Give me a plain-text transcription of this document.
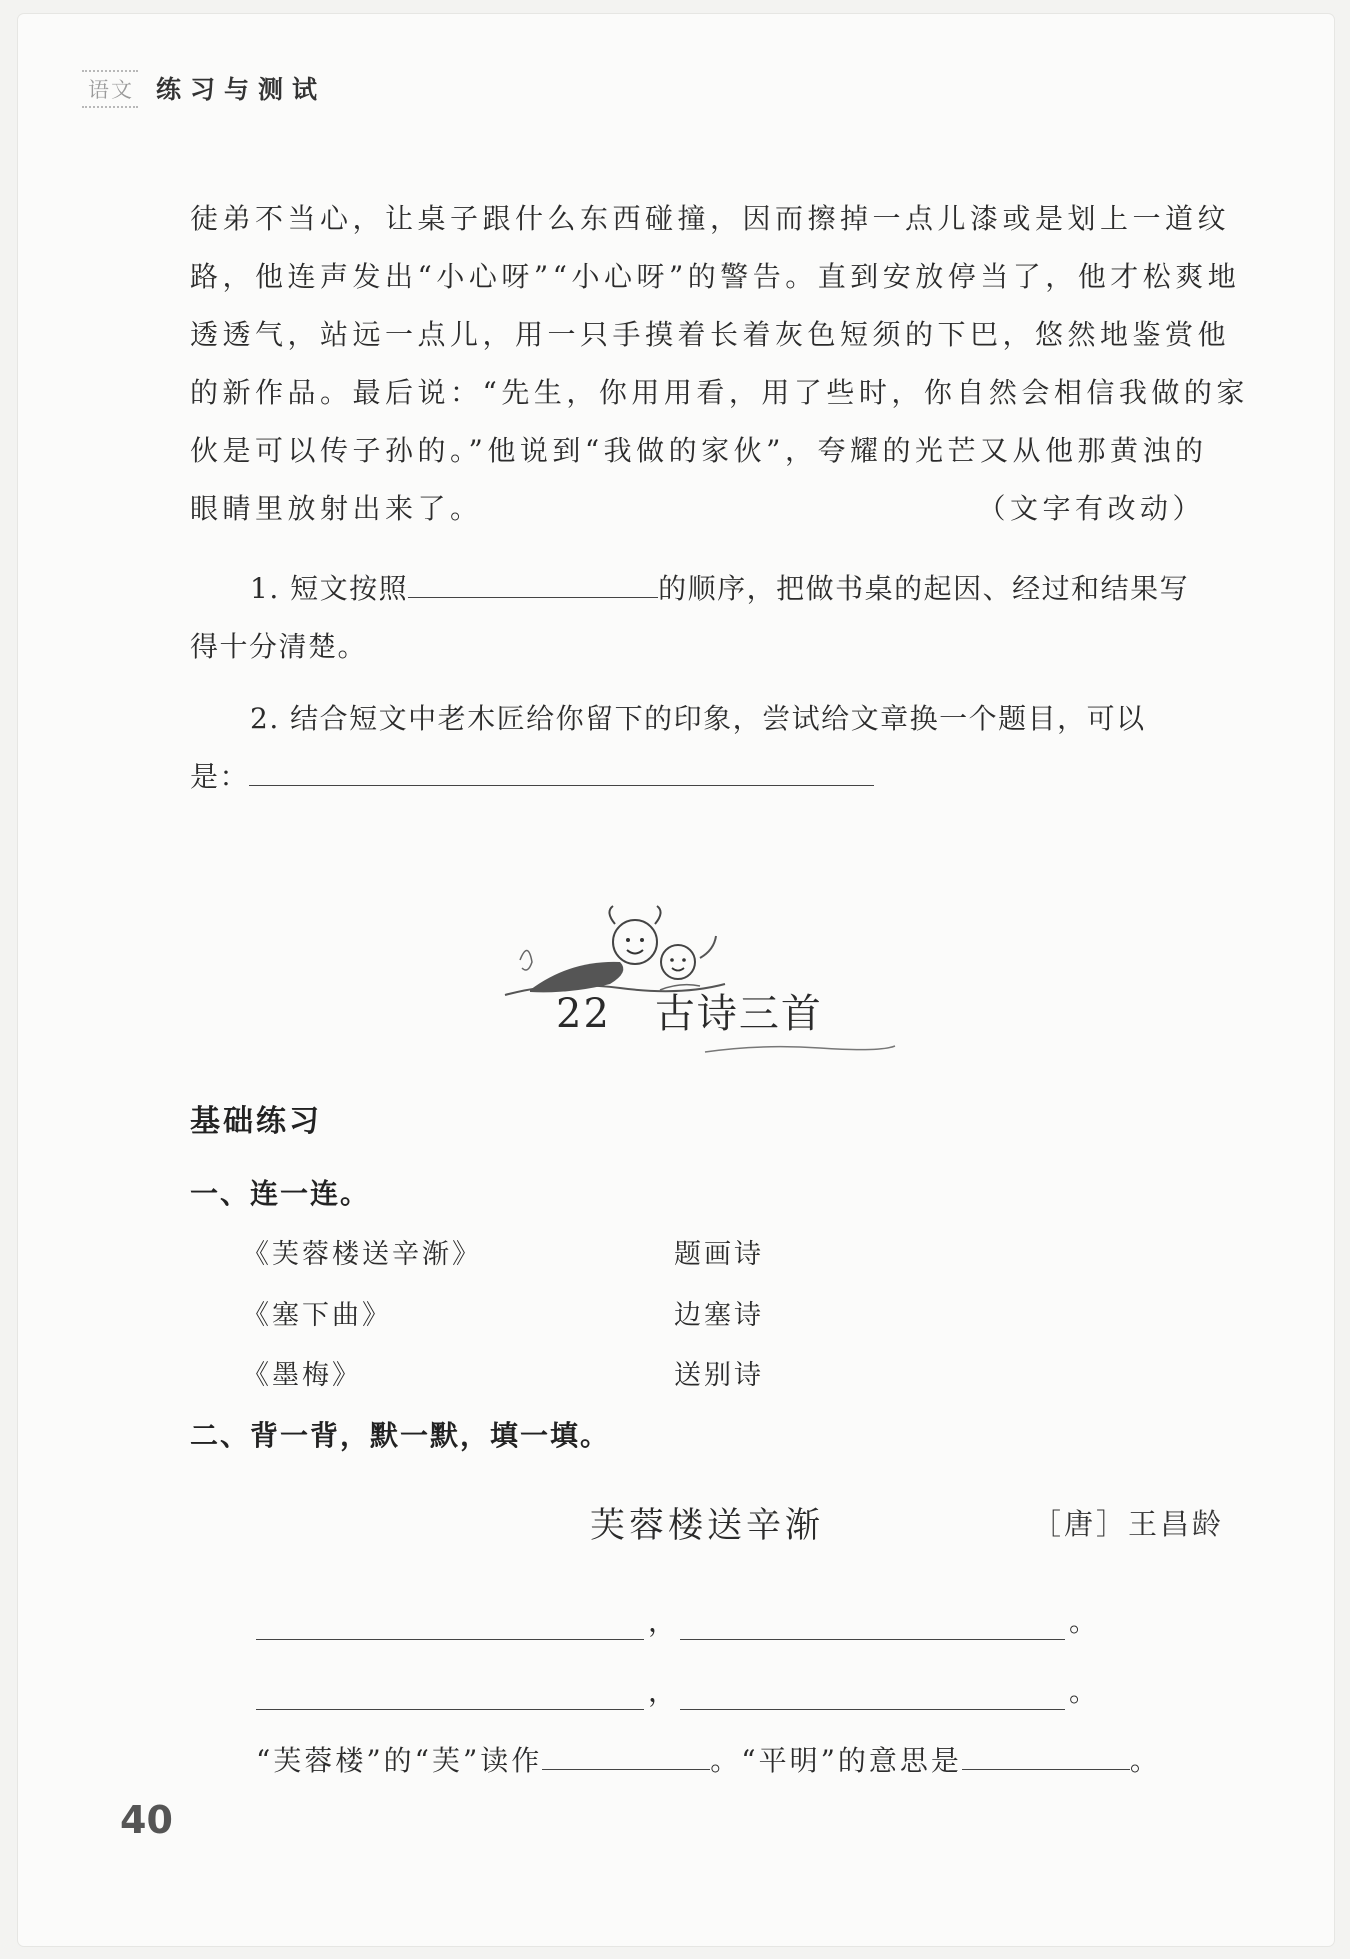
语文 练习与测试
徒弟不当心，让桌子跟什么东西碰撞，因而擦掉一点儿漆或是划上一道纹
路，他连声发出“小心呀”“小心呀”的警告。直到安放停当了，他才松爽地
透透气，站远一点儿，用一只手摸着长着灰色短须的下巴，悠然地鉴赏他
的新作品。最后说：“先生，你用用看，用了些时，你自然会相信我做的家
伙是可以传子孙的。”他说到“我做的家伙”，夸耀的光芒又从他那黄浊的
眼睛里放射出来了。	（文字有改动）
1. 短文按照	的顺序，把做书桌的起因、经过和结果写
得十分清楚。
2. 结合短文中老木匠给你留下的印象，尝试给文章换一个题目，可以
是：
22 古诗三首
基础练习
一、连一连。
《芙蓉楼送辛渐》	题画诗
《塞下曲》	边塞诗
《墨梅》	送别诗
二、背一背，默一默，填一填。
芙蓉楼送辛渐	［唐］王昌龄
，	。
，	。
“芙蓉楼”的“芙”读作	。“平明”的意思是	。
40
